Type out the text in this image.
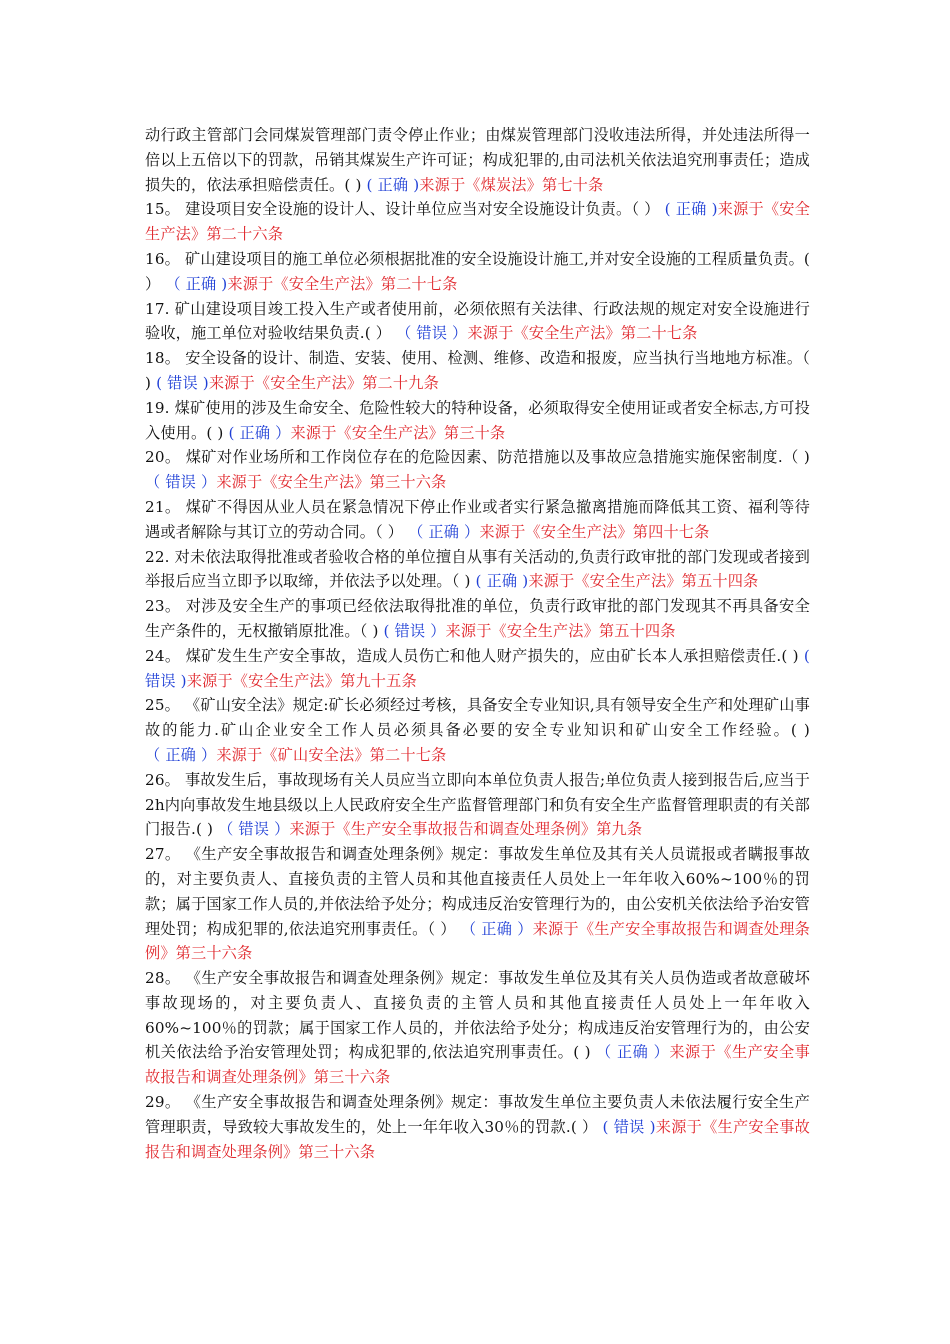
动行政主管部门会同煤炭管理部门责令停止作业；由煤炭管理部门没收违法所得，并处违法所得一倍以上五倍以下的罚款，吊销其煤炭生产许可证；构成犯罪的,由司法机关依法追究刑事责任；造成损失的，依法承担赔偿责任。( ) ( 正确 )来源于《煤炭法》第七十条

15。 建设项目安全设施的设计人、设计单位应当对安全设施设计负责。（ ） ( 正确 )来源于《安全生产法》第二十六条

16。 矿山建设项目的施工单位必须根据批准的安全设施设计施工,并对安全设施的工程质量负责。( ） （ 正确 )来源于《安全生产法》第二十七条

17. 矿山建设项目竣工投入生产或者使用前，必须依照有关法律、行政法规的规定对安全设施进行验收，施工单位对验收结果负责.( ） （ 错误 ）来源于《安全生产法》第二十七条

18。 安全设备的设计、制造、安装、使用、检测、维修、改造和报废，应当执行当地地方标准。（ ) ( 错误 )来源于《安全生产法》第二十九条

19. 煤矿使用的涉及生命安全、危险性较大的特种设备，必须取得安全使用证或者安全标志,方可投入使用。( ) ( 正确 ）来源于《安全生产法》第三十条

20。 煤矿对作业场所和工作岗位存在的危险因素、防范措施以及事故应急措施实施保密制度.（ ) （ 错误 ）来源于《安全生产法》第三十六条

21。 煤矿不得因从业人员在紧急情况下停止作业或者实行紧急撤离措施而降低其工资、福利等待遇或者解除与其订立的劳动合同。（ ） （ 正确 ）来源于《安全生产法》第四十七条

22. 对未依法取得批准或者验收合格的单位擅自从事有关活动的,负责行政审批的部门发现或者接到举报后应当立即予以取缔，并依法予以处理。（ ) ( 正确 )来源于《安全生产法》第五十四条

23。 对涉及安全生产的事项已经依法取得批准的单位，负责行政审批的部门发现其不再具备安全生产条件的，无权撤销原批准。（ ) ( 错误 ）来源于《安全生产法》第五十四条

24。 煤矿发生生产安全事故，造成人员伤亡和他人财产损失的，应由矿长本人承担赔偿责任.( ) ( 错误 )来源于《安全生产法》第九十五条

25。 《矿山安全法》规定:矿长必须经过考核，具备安全专业知识,具有领导安全生产和处理矿山事故的能力.矿山企业安全工作人员必须具备必要的安全专业知识和矿山安全工作经验。( ) （ 正确 ）来源于《矿山安全法》第二十七条

26。 事故发生后，事故现场有关人员应当立即向本单位负责人报告;单位负责人接到报告后,应当于2h内向事故发生地县级以上人民政府安全生产监督管理部门和负有安全生产监督管理职责的有关部门报告.( ) （ 错误 ）来源于《生产安全事故报告和调查处理条例》第九条

27。 《生产安全事故报告和调查处理条例》规定：事故发生单位及其有关人员谎报或者瞒报事故的，对主要负责人、直接负责的主管人员和其他直接责任人员处上一年年收入60%~100％的罚款；属于国家工作人员的,并依法给予处分；构成违反治安管理行为的，由公安机关依法给予治安管理处罚；构成犯罪的,依法追究刑事责任。（ ） （ 正确 ）来源于《生产安全事故报告和调查处理条例》第三十六条

28。 《生产安全事故报告和调查处理条例》规定：事故发生单位及其有关人员伪造或者故意破坏事故现场的，对主要负责人、直接负责的主管人员和其他直接责任人员处上一年年收入60%~100％的罚款；属于国家工作人员的，并依法给予处分；构成违反治安管理行为的，由公安机关依法给予治安管理处罚；构成犯罪的,依法追究刑事责任。( ) （ 正确 ）来源于《生产安全事故报告和调查处理条例》第三十六条

29。 《生产安全事故报告和调查处理条例》规定：事故发生单位主要负责人未依法履行安全生产管理职责，导致较大事故发生的，处上一年年收入30％的罚款.( ） ( 错误 )来源于《生产安全事故报告和调查处理条例》第三十六条
